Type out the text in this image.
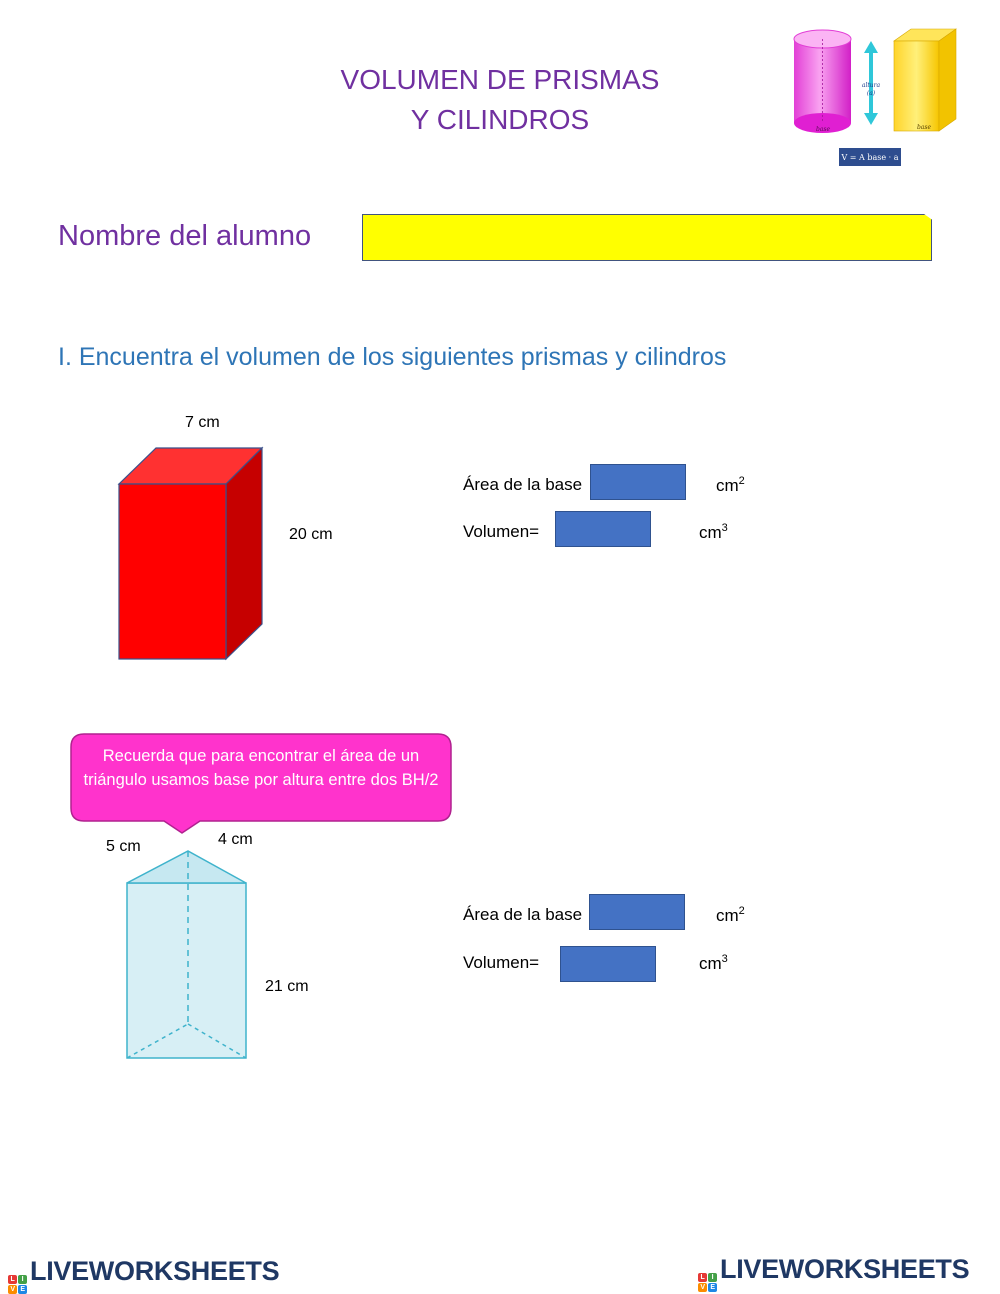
VOLUMEN DE PRISMAS
Y CILINDROS	base
altura
(a)
base
V = A base · a
Nombre del alumno
I. Encuentra el volumen de los siguientes prismas y cilindros
7 cm
20 cm
Área de la base	$cm^2$
Volumen=	$cm^3$
Recuerda que para encontrar el área de un triángulo usamos base por altura entre dos BH/2
5 cm	4 cm
21 cm
Área de la base	$cm^2$
Volumen=	$cm^3$
L	I
V E
LIVEWORKSHEETS	L	I
V E
LIVEWORKSHEETS
